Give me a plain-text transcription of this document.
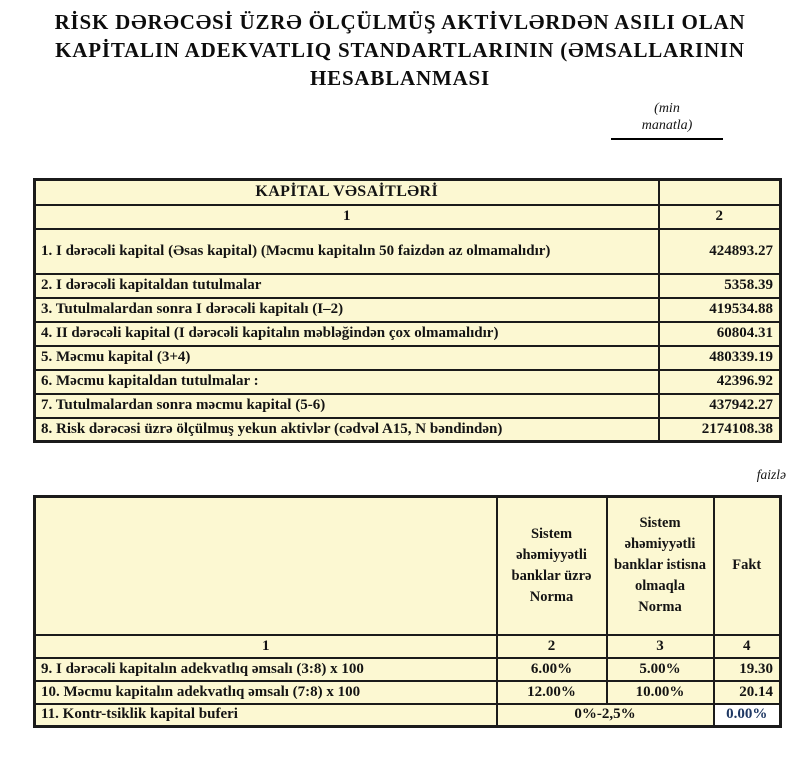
RİSK DƏRƏCƏSİ ÜZRƏ ÖLÇÜLMÜŞ AKTİVLƏRDƏN ASILI OLAN
KAPİTALIN ADEKVATLIQ STANDARTLARININ (ƏMSALLARININ
HESABLANMASI
(min
manatla)
KAPİTAL VƏSAİTLƏRİ	
1	2
1. I dərəcəli kapital (Əsas kapital) (Məcmu kapitalın 50 faizdən az olmamalıdır)	424893.27
2. I dərəcəli kapitaldan tutulmalar	5358.39
3. Tutulmalardan sonra I dərəcəli kapitalı (I–2)	419534.88
4. II dərəcəli kapital (I dərəcəli kapitalın məbləğindən çox olmamalıdır)	60804.31
5. Məcmu kapital (3+4)	480339.19
6. Məcmu kapitaldan tutulmalar :	42396.92
7. Tutulmalardan sonra məcmu kapital (5-6)	437942.27
8. Risk dərəcəsi üzrə ölçülmuş yekun aktivlər (cədvəl A15, N bəndindən)	2174108.38
faizlə
	Sistem əhəmiyyətli banklar üzrə Norma	Sistem əhəmiyyətli banklar istisna olmaqla Norma	Fakt
1	2	3	4
9. I dərəcəli kapitalın adekvatlıq əmsalı (3:8) x 100	6.00%	5.00%	19.30
10. Məcmu kapitalın adekvatlıq əmsalı (7:8) x 100	12.00%	10.00%	20.14
11. Kontr-tsiklik kapital buferi	0%-2,5%		0.00%
